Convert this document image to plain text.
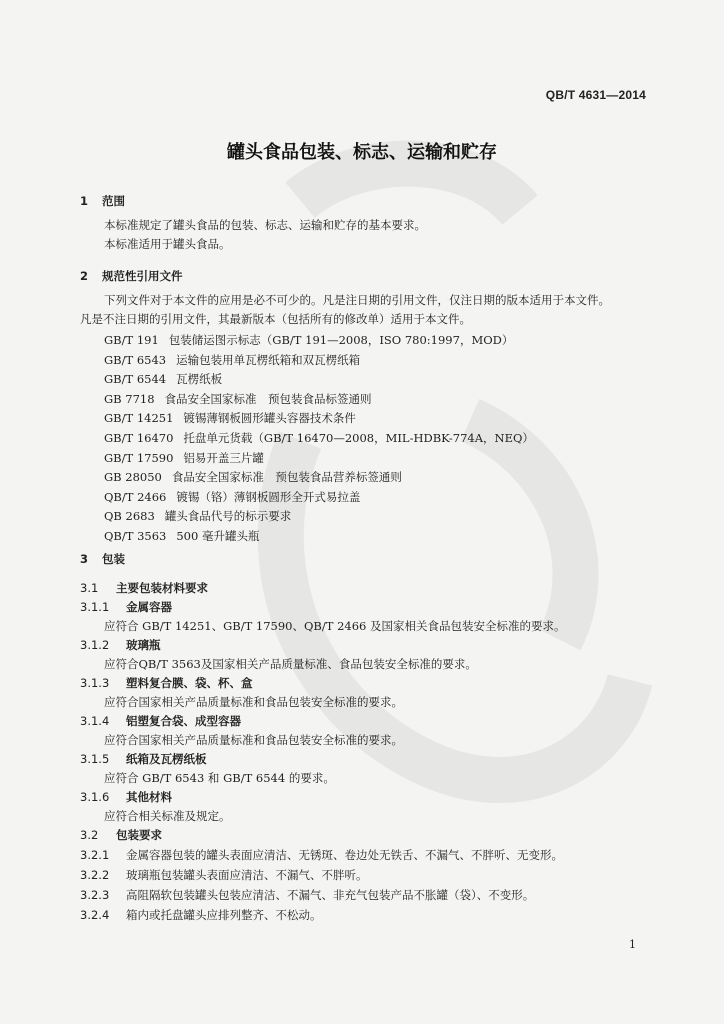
QB/T 4631—2014
罐头食品包装、标志、运输和贮存
1 范围
本标准规定了罐头食品的包装、标志、运输和贮存的基本要求。
本标准适用于罐头食品。
2 规范性引用文件
下列文件对于本文件的应用是必不可少的。凡是注日期的引用文件，仅注日期的版本适用于本文件。
凡是不注日期的引用文件，其最新版本（包括所有的修改单）适用于本文件。
GB/T 191 包装储运图示标志（GB/T 191—2008，ISO 780:1997，MOD）
GB/T 6543 运输包装用单瓦楞纸箱和双瓦楞纸箱
GB/T 6544 瓦楞纸板
GB 7718 食品安全国家标准　预包装食品标签通则
GB/T 14251 镀锡薄钢板圆形罐头容器技术条件
GB/T 16470 托盘单元货载（GB/T 16470—2008，MIL-HDBK-774A，NEQ）
GB/T 17590 铝易开盖三片罐
GB 28050 食品安全国家标准　预包装食品营养标签通则
QB/T 2466 镀锡（铬）薄钢板圆形全开式易拉盖
QB 2683 罐头食品代号的标示要求
QB/T 3563 500 毫升罐头瓶
3 包装
3.1 主要包装材料要求
3.1.1 金属容器
应符合 GB/T 14251、GB/T 17590、QB/T 2466 及国家相关食品包装安全标准的要求。
3.1.2 玻璃瓶
应符合QB/T 3563及国家相关产品质量标准、食品包装安全标准的要求。
3.1.3 塑料复合膜、袋、杯、盒
应符合国家相关产品质量标准和食品包装安全标准的要求。
3.1.4 铝塑复合袋、成型容器
应符合国家相关产品质量标准和食品包装安全标准的要求。
3.1.5 纸箱及瓦楞纸板
应符合 GB/T 6543 和 GB/T 6544 的要求。
3.1.6 其他材料
应符合相关标准及规定。
3.2 包装要求
3.2.1 金属容器包装的罐头表面应清洁、无锈斑、卷边处无铁舌、不漏气、不胖听、无变形。
3.2.2 玻璃瓶包装罐头表面应清洁、不漏气、不胖听。
3.2.3 高阻隔软包装罐头包装应清洁、不漏气、非充气包装产品不胀罐（袋）、不变形。
3.2.4 箱内或托盘罐头应排列整齐、不松动。
1
